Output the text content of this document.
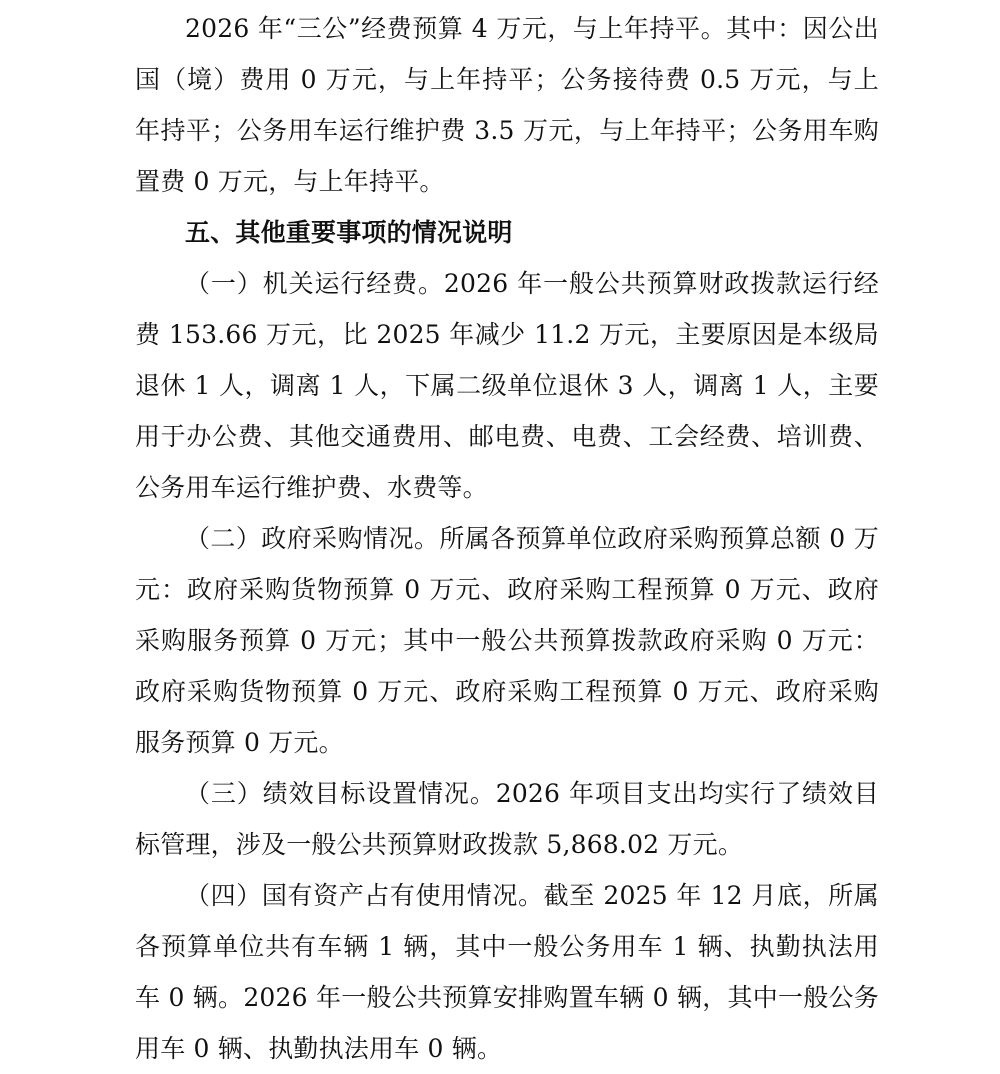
2026 年“三公”经费预算 4 万元，与上年持平。其中：因公出国（境）费用 0 万元，与上年持平；公务接待费 0.5 万元，与上年持平；公务用车运行维护费 3.5 万元，与上年持平；公务用车购置费 0 万元，与上年持平。

五、其他重要事项的情况说明

（一）机关运行经费。2026 年一般公共预算财政拨款运行经费 153.66 万元，比 2025 年减少 11.2 万元，主要原因是本级局退休 1 人，调离 1 人，下属二级单位退休 3 人，调离 1 人，主要用于办公费、其他交通费用、邮电费、电费、工会经费、培训费、公务用车运行维护费、水费等。

（二）政府采购情况。所属各预算单位政府采购预算总额 0 万元：政府采购货物预算 0 万元、政府采购工程预算 0 万元、政府采购服务预算 0 万元；其中一般公共预算拨款政府采购 0 万元：政府采购货物预算 0 万元、政府采购工程预算 0 万元、政府采购服务预算 0 万元。

（三）绩效目标设置情况。2026 年项目支出均实行了绩效目标管理，涉及一般公共预算财政拨款 5,868.02 万元。

（四）国有资产占有使用情况。截至 2025 年 12 月底，所属各预算单位共有车辆 1 辆，其中一般公务用车 1 辆、执勤执法用车 0 辆。2026 年一般公共预算安排购置车辆 0 辆，其中一般公务用车 0 辆、执勤执法用车 0 辆。
